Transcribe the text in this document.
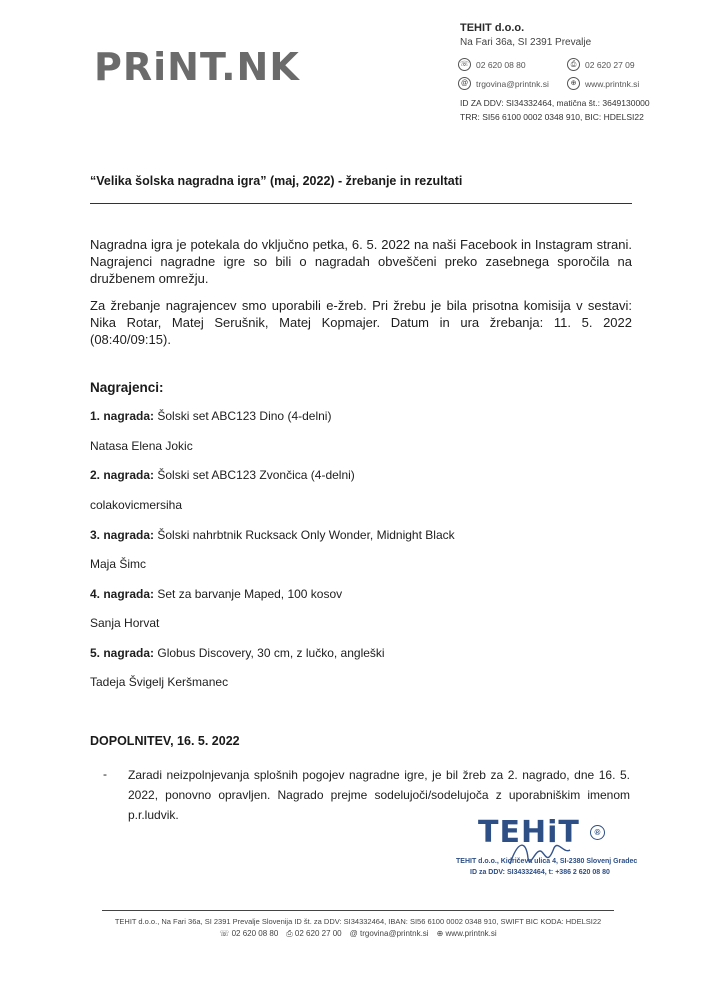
PRiNT.NK
TEHIT d.o.o.
Na Fari 36a, SI 2391 Prevalje
☏ 02 620 08 80	⎙	02 620 27 09
@ trgovina@printnk.si	⊕	www.printnk.si
ID ZA DDV: SI34332464, matična št.: 3649130000
TRR: SI56 6100 0002 0348 910, BIC: HDELSI22
“Velika šolska nagradna igra” (maj, 2022) - žrebanje in rezultati
Nagradna igra je potekala do vključno petka, 6. 5. 2022 na naši Facebook in Instagram strani. Nagrajenci nagradne igre so bili o nagradah obveščeni preko zasebnega sporočila na družbenem omrežju.
Za žrebanje nagrajencev smo uporabili e-žreb. Pri žrebu je bila prisotna komisija v sestavi: Nika Rotar, Matej Serušnik, Matej Kopmajer. Datum in ura žrebanja: 11. 5. 2022 (08:40/09:15).
Nagrajenci:
1. nagrada: Šolski set ABC123 Dino (4-delni)
Natasa Elena Jokic
2. nagrada: Šolski set ABC123 Zvončica (4-delni)
colakovicmersiha
3. nagrada: Šolski nahrbtnik Rucksack Only Wonder, Midnight Black
Maja Šimc
4. nagrada: Set za barvanje Maped, 100 kosov
Sanja Horvat
5. nagrada: Globus Discovery, 30 cm, z lučko, angleški
Tadeja Švigelj Keršmanec
DOPOLNITEV, 16. 5. 2022
- Zaradi neizpolnjevanja splošnih pogojev nagradne igre, je bil žreb za 2. nagrado, dne 16. 5. 2022, ponovno opravljen. Nagrado prejme sodelujoči/sodelujoča z uporabniškim imenom p.r.ludvik.	TEHiT	®
TEHIT d.o.o., Kidričeva ulica 4, SI-2380 Slovenj Gradec
ID za DDV: SI34332464, t: +386 2 620 08 80
TEHIT d.o.o., Na Fari 36a, SI 2391 Prevalje Slovenija ID št. za DDV: SI34332464, IBAN: SI56 6100 0002 0348 910, SWIFT BIC KODA: HDELSI22
☏ 02 620 08 80 ⎙ 02 620 27 00 @ trgovina@printnk.si ⊕ www.printnk.si
